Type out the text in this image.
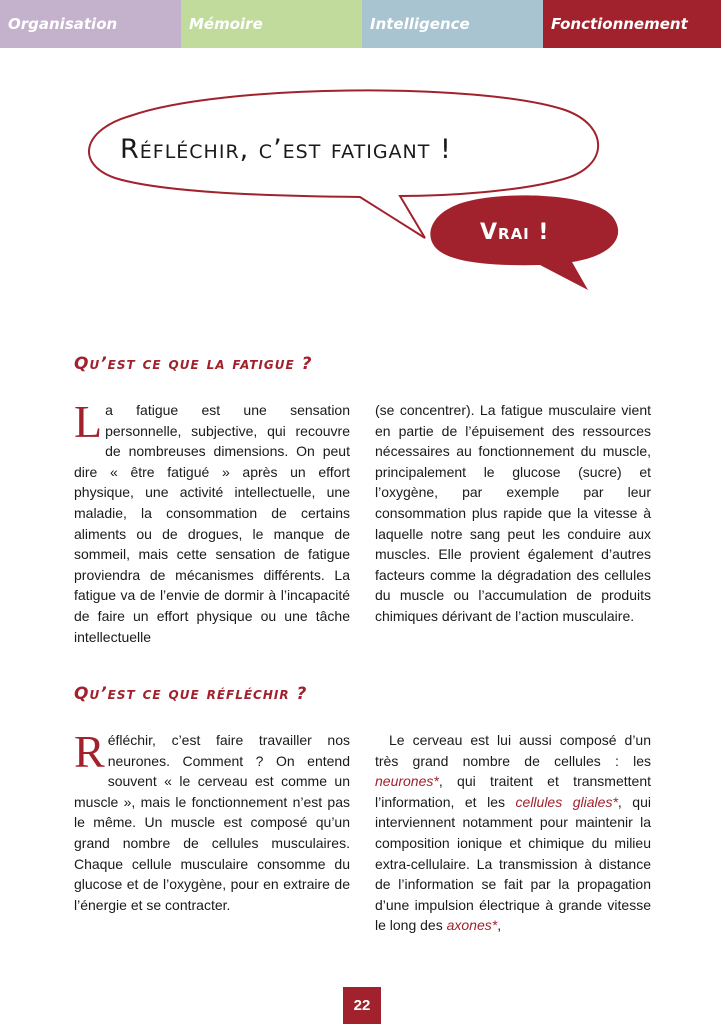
Organisation	Mémoire	Intelligence	Fonctionnement
Réfléchir, c’est fatigant !
Vrai !
Qu’est ce que la fatigue ?
La fatigue est une sensation personnelle, subjective, qui recouvre de nombreuses dimensions. On peut dire « être fatigué » après un effort physique, une activité intellectuelle, une maladie, la consommation de certains aliments ou de drogues, le manque de sommeil, mais cette sensation de fatigue proviendra de mécanismes différents. La fatigue va de l’envie de dormir à l’incapacité de faire un effort physique ou une tâche intellectuelle
(se concentrer). La fatigue musculaire vient en partie de l’épuisement des ressources nécessaires au fonctionnement du muscle, principalement le glucose (sucre) et l’oxygène, par exemple par leur consommation plus rapide que la vitesse à laquelle notre sang peut les conduire aux muscles. Elle provient également d’autres facteurs comme la dégradation des cellules du muscle ou l’accumulation de produits chimiques dérivant de l’action musculaire.
Qu’est ce que réfléchir ?
Réfléchir, c’est faire travailler nos neurones. Comment ? On entend souvent « le cerveau est comme un muscle », mais le fonctionnement n’est pas le même. Un muscle est composé qu’un grand nombre de cellules musculaires. Chaque cellule musculaire consomme du glucose et de l’oxygène, pour en extraire de l’énergie et se contracter.
Le cerveau est lui aussi composé d’un très grand nombre de cellules : les neurones*, qui traitent et transmettent l’information, et les cellules gliales*, qui interviennent notamment pour maintenir la composition ionique et chimique du milieu extra-cellulaire. La transmission à distance de l’information se fait par la propagation d’une impulsion électrique à grande vitesse le long des axones*,
22
